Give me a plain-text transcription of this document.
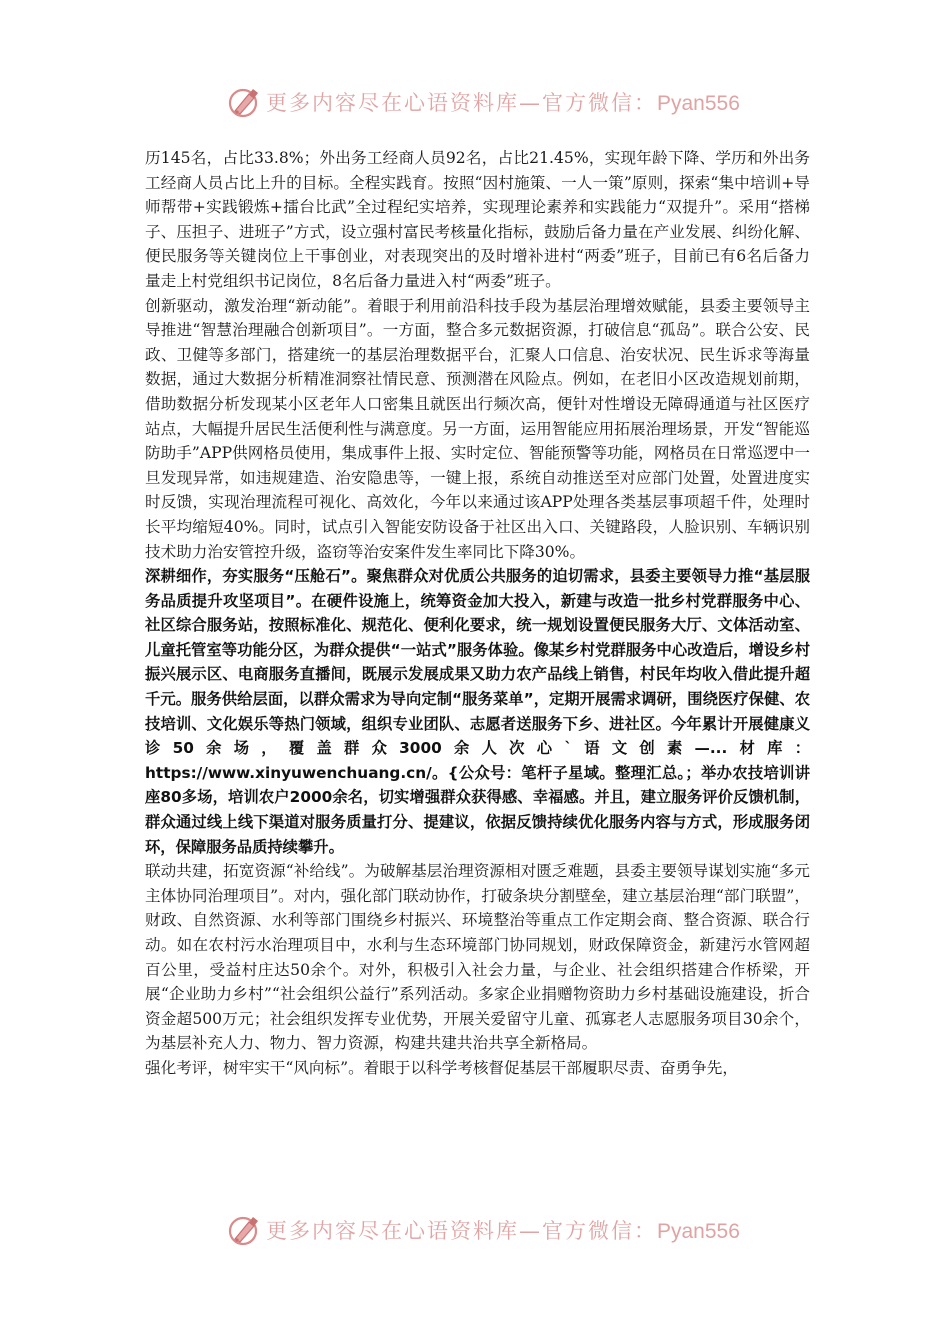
更多内容尽在心语资料库—官方微信：Pyan556

历145名，占比33.8%；外出务工经商人员92名，占比21.45%，实现年龄下降、学历和外出务工经商人员占比上升的目标。全程实践育。按照“因村施策、一人一策”原则，探索“集中培训+导师帮带+实践锻炼+擂台比武”全过程纪实培养，实现理论素养和实践能力“双提升”。采用“搭梯子、压担子、进班子”方式，设立强村富民考核量化指标，鼓励后备力量在产业发展、纠纷化解、便民服务等关键岗位上干事创业，对表现突出的及时增补进村“两委”班子，目前已有6名后备力量走上村党组织书记岗位，8名后备力量进入村“两委”班子。

创新驱动，激发治理“新动能”。着眼于利用前沿科技手段为基层治理增效赋能，县委主要领导主导推进“智慧治理融合创新项目”。一方面，整合多元数据资源，打破信息“孤岛”。联合公安、民政、卫健等多部门，搭建统一的基层治理数据平台，汇聚人口信息、治安状况、民生诉求等海量数据，通过大数据分析精准洞察社情民意、预测潜在风险点。例如，在老旧小区改造规划前期，借助数据分析发现某小区老年人口密集且就医出行频次高，便针对性增设无障碍通道与社区医疗站点，大幅提升居民生活便利性与满意度。另一方面，运用智能应用拓展治理场景，开发“智能巡防助手”APP供网格员使用，集成事件上报、实时定位、智能预警等功能，网格员在日常巡逻中一旦发现异常，如违规建造、治安隐患等，一键上报，系统自动推送至对应部门处置，处置进度实时反馈，实现治理流程可视化、高效化，今年以来通过该APP处理各类基层事项超千件，处理时长平均缩短40%。同时，试点引入智能安防设备于社区出入口、关键路段，人脸识别、车辆识别技术助力治安管控升级，盗窃等治安案件发生率同比下降30%。

深耕细作，夯实服务“压舱石”。聚焦群众对优质公共服务的迫切需求，县委主要领导力推“基层服务品质提升攻坚项目”。在硬件设施上，统筹资金加大投入，新建与改造一批乡村党群服务中心、社区综合服务站，按照标准化、规范化、便利化要求，统一规划设置便民服务大厅、文体活动室、儿童托管室等功能分区，为群众提供“一站式”服务体验。像某乡村党群服务中心改造后，增设乡村振兴展示区、电商服务直播间，既展示发展成果又助力农产品线上销售，村民年均收入借此提升超千元。服务供给层面，以群众需求为导向定制“服务菜单”，定期开展需求调研，围绕医疗保健、农技培训、文化娱乐等热门领域，组织专业团队、志愿者送服务下乡、进社区。今年累计开展健康义诊50余场，覆盖群众3000余人次心`语文创素—...材库：https://www.xinyuwenchuang.cn/。{公众号：笔杆子星域。整理汇总。；举办农技培训讲座80多场，培训农户2000余名，切实增强群众获得感、幸福感。并且，建立服务评价反馈机制，群众通过线上线下渠道对服务质量打分、提建议，依据反馈持续优化服务内容与方式，形成服务闭环，保障服务品质持续攀升。

联动共建，拓宽资源“补给线”。为破解基层治理资源相对匮乏难题，县委主要领导谋划实施“多元主体协同治理项目”。对内，强化部门联动协作，打破条块分割壁垒，建立基层治理“部门联盟”，财政、自然资源、水利等部门围绕乡村振兴、环境整治等重点工作定期会商、整合资源、联合行动。如在农村污水治理项目中，水利与生态环境部门协同规划，财政保障资金，新建污水管网超百公里，受益村庄达50余个。对外，积极引入社会力量，与企业、社会组织搭建合作桥梁，开展“企业助力乡村”“社会组织公益行”系列活动。多家企业捐赠物资助力乡村基础设施建设，折合资金超500万元；社会组织发挥专业优势，开展关爱留守儿童、孤寡老人志愿服务项目30余个，为基层补充人力、物力、智力资源，构建共建共治共享全新格局。

强化考评，树牢实干“风向标”。着眼于以科学考核督促基层干部履职尽责、奋勇争先，

更多内容尽在心语资料库—官方微信：Pyan556
